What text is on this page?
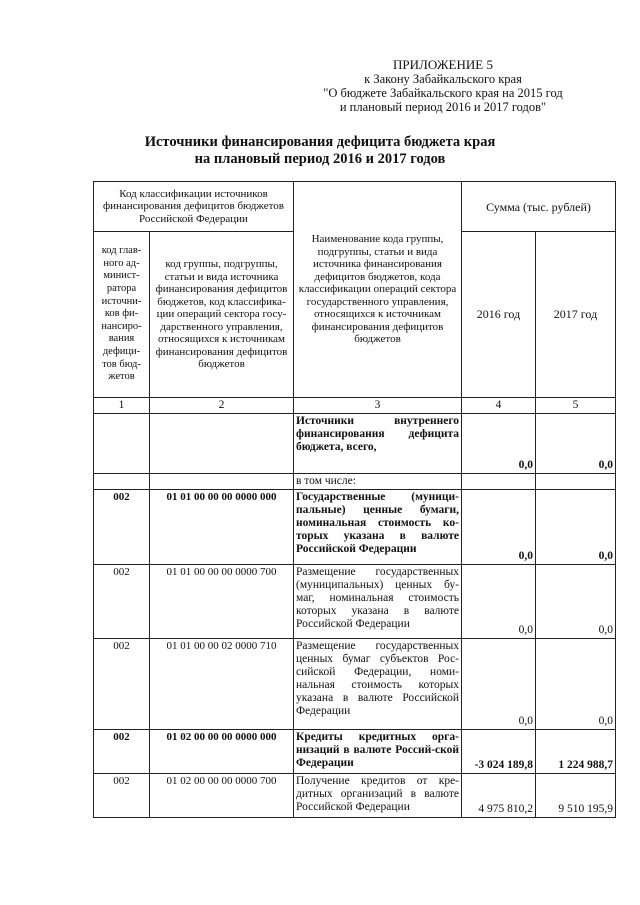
ПРИЛОЖЕНИЕ 5
к Закону Забайкальского края
"О бюджете Забайкальского края на 2015 год
и плановый период 2016 и 2017 годов"
Источники финансирования дефицита бюджета края
на плановый период 2016 и 2017 годов
Код классификации источников финансирования дефицитов бюджетов Российской Федерации		Наименование кода группы, подгруппы, статьи и вида источника финансирования дефицитов бюджетов, кода классификации операций сектора государственного управления, относящихся к источникам финансирования дефицитов бюджетов	Сумма (тыс. рублей)	
код глав-ного ад-минист-ратора источни-ков фи-нансиро-вания дефици-тов бюд-жетов	код группы, подгруппы, статьи и вида источника финансирования дефицитов бюджетов, код классифика-ции операций сектора госу-дарственного управления, относящихся к источникам финансирования дефицитов бюджетов		2016 год	2017 год
1	2	3	4	5
		Источники внутреннего финансирования дефицита бюджета, всего,	0,0	0,0
		в том числе:		
002	01 01 00 00 00 0000 000	Государственные (муници-пальные) ценные бумаги, номинальная стоимость ко-торых указана в валюте Российской Федерации	0,0	0,0
002	01 01 00 00 00 0000 700	Размещение государственных (муниципальных) ценных бу-маг, номинальная стоимость которых указана в валюте Российской Федерации	0,0	0,0
002	01 01 00 00 02 0000 710	Размещение государственных ценных бумаг субъектов Рос-сийской Федерации, номи-нальная стоимость которых указана в валюте Российской Федерации	0,0	0,0
002	01 02 00 00 00 0000 000	Кредиты кредитных орга-низаций в валюте Россий-ской Федерации	-3 024 189,8	1 224 988,7
002	01 02 00 00 00 0000 700	Получение кредитов от кре-дитных организаций в валюте Российской Федерации	4 975 810,2	9 510 195,9
